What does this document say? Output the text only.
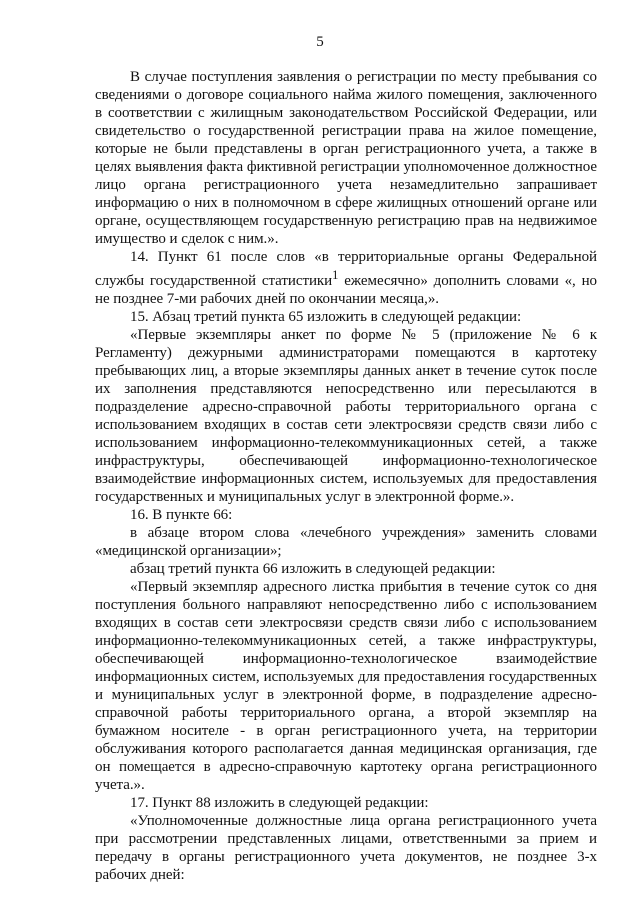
5

В случае поступления заявления о регистрации по месту пребывания со сведениями о договоре социального найма жилого помещения, заключенного в соответствии с жилищным законодательством Российской Федерации, или свидетельство о государственной регистрации права на жилое помещение, которые не были представлены в орган регистрационного учета, а также в целях выявления факта фиктивной регистрации уполномоченное должностное лицо органа регистрационного учета незамедлительно запрашивает информацию о них в полномочном в сфере жилищных отношений органе или органе, осуществляющем государственную регистрацию прав на недвижимое имущество и сделок с ним.».

14. Пункт 61 после слов «в территориальные органы Федеральной службы государственной статистики$^1$ ежемесячно» дополнить словами «, но не позднее 7-ми рабочих дней по окончании месяца,».

15. Абзац третий пункта 65 изложить в следующей редакции:

«Первые экземпляры анкет по форме № 5 (приложение № 6 к Регламенту) дежурными администраторами помещаются в картотеку пребывающих лиц, а вторые экземпляры данных анкет в течение суток после их заполнения представляются непосредственно или пересылаются в подразделение адресно-справочной работы территориального органа с использованием входящих в состав сети электросвязи средств связи либо с использованием информационно-телекоммуникационных сетей, а также инфраструктуры, обеспечивающей информационно-технологическое взаимодействие информационных систем, используемых для предоставления государственных и муниципальных услуг в электронной форме.».

16. В пункте 66:

в абзаце втором слова «лечебного учреждения» заменить словами «медицинской организации»;

абзац третий пункта 66 изложить в следующей редакции:

«Первый экземпляр адресного листка прибытия в течение суток со дня поступления больного направляют непосредственно либо с использованием входящих в состав сети электросвязи средств связи либо с использованием информационно-телекоммуникационных сетей, а также инфраструктуры, обеспечивающей информационно-технологическое взаимодействие информационных систем, используемых для предоставления государственных и муниципальных услуг в электронной форме, в подразделение адресно-справочной работы территориального органа, а второй экземпляр на бумажном носителе - в орган регистрационного учета, на территории обслуживания которого располагается данная медицинская организация, где он помещается в адресно-справочную картотеку органа регистрационного учета.».

17. Пункт 88 изложить в следующей редакции:

«Уполномоченные должностные лица органа регистрационного учета при рассмотрении представленных лицами, ответственными за прием и передачу в органы регистрационного учета документов, не позднее 3-х рабочих дней:
